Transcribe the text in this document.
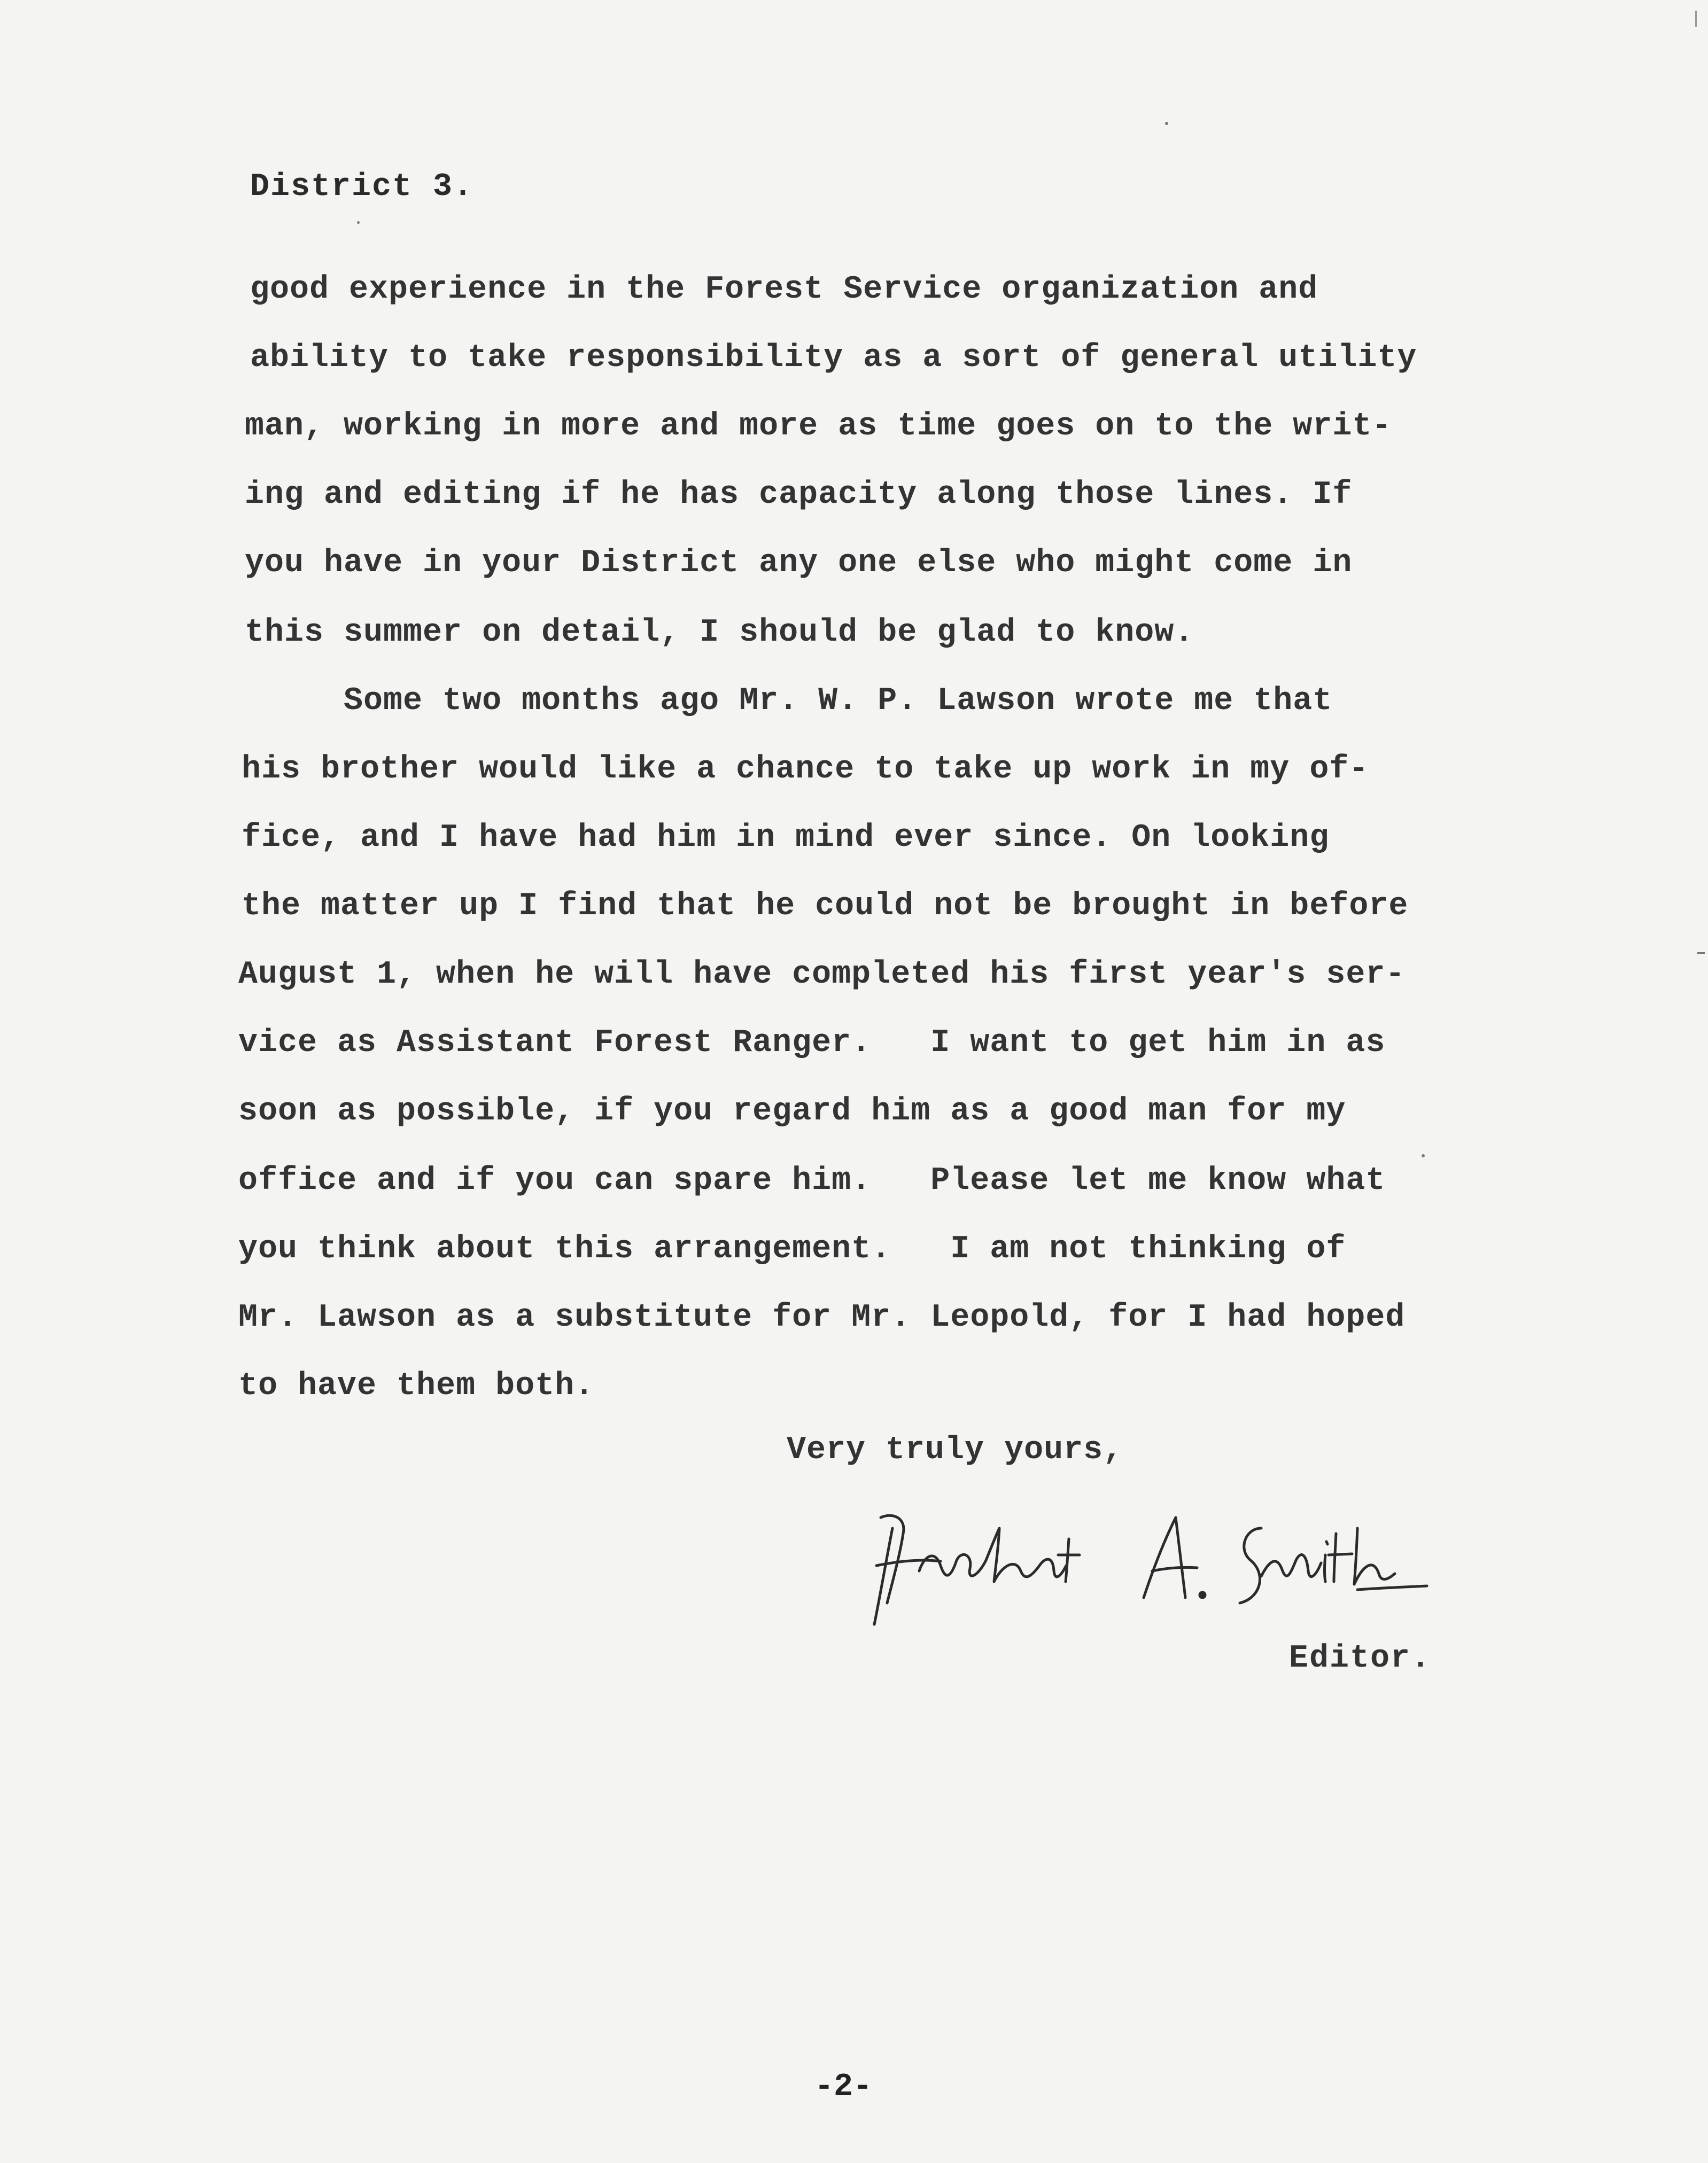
District 3.
good experience in the Forest Service organization and
ability to take responsibility as a sort of general utility
man, working in more and more as time goes on to the writ-
ing and editing if he has capacity along those lines. If
you have in your District any one else who might come in
this summer on detail, I should be glad to know.
Some two months ago Mr. W. P. Lawson wrote me that
his brother would like a chance to take up work in my of-
fice, and I have had him in mind ever since. On looking
the matter up I find that he could not be brought in before
August 1, when he will have completed his first year's ser-
vice as Assistant Forest Ranger.   I want to get him in as
soon as possible, if you regard him as a good man for my
office and if you can spare him.   Please let me know what
you think about this arrangement.   I am not thinking of
Mr. Lawson as a substitute for Mr. Leopold, for I had hoped
to have them both.
Very truly yours,
Editor.
-2-
